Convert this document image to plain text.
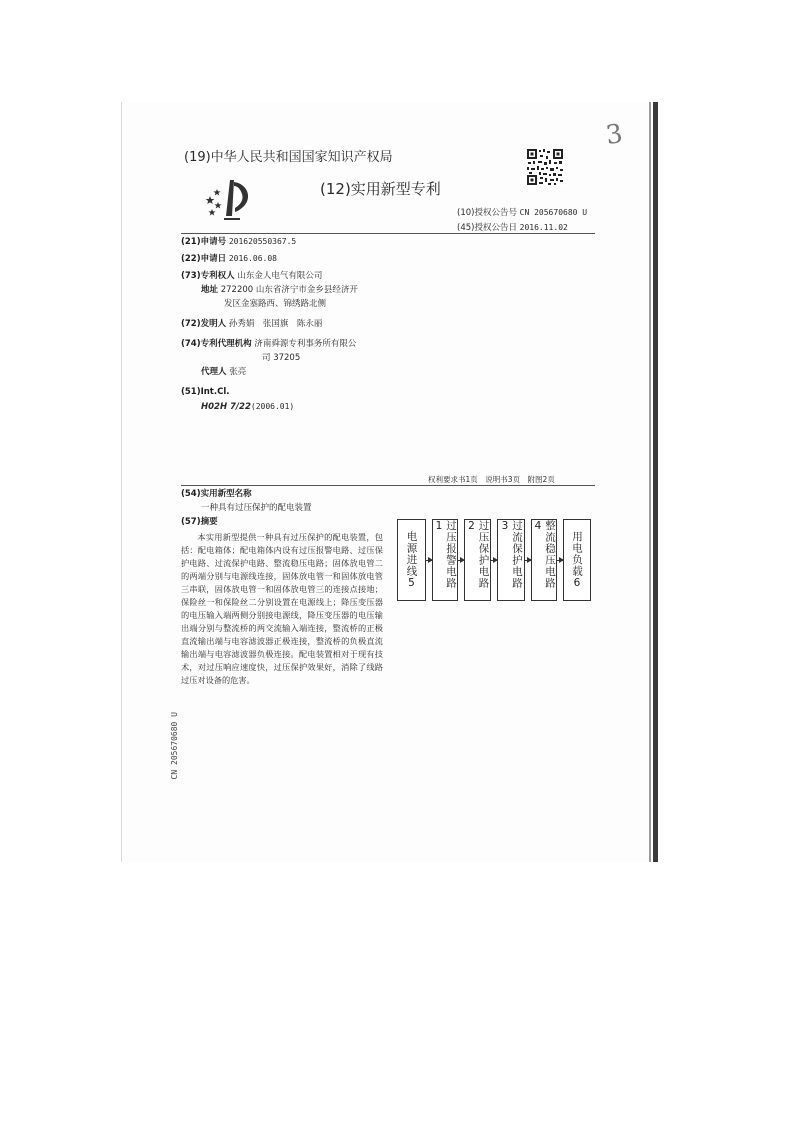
(19)中华人民共和国国家知识产权局
(12)实用新型专利
3
(10)授权公告号 CN 205670680 U
(45)授权公告日 2016.11.02
(21)申请号 201620550367.5
(22)申请日 2016.06.08
(73)专利权人 山东金人电气有限公司
地址 272200 山东省济宁市金乡县经济开
发区金塞路西、锦绣路北侧
(72)发明人 孙秀娟　张国旗　陈永丽
(74)专利代理机构 济南舜源专利事务所有限公
司 37205
代理人 张亮
(51)Int.Cl.
H02H 7/22(2006.01)
权利要求书1页　说明书3页　附图2页
(54)实用新型名称
一种具有过压保护的配电装置
(57)摘要
本实用新型提供一种具有过压保护的配电装置，包括：配电箱体；配电箱体内设有过压报警电路、过压保护电路、过流保护电路、整流稳压电路；固体放电管二的两端分别与电源线连接，固体放电管一和固体放电管三串联，固体放电管一和固体放电管三的连接点接地；保险丝一和保险丝二分别设置在电源线上；降压变压器的电压输入端两侧分别接电源线，降压变压器的电压输出端分别与整流桥的两交流输入端连接，整流桥的正极直流输出端与电容滤波器正极连接，整流桥的负极直流输出端与电容滤波器负极连接。配电装置相对于现有技术，对过压响应速度快，过压保护效果好，消除了线路过压对设备的危害。
电源进线5	过压报警电路1	过压保护电路2	过流保护电路3	整流稳压电路4
用电负载6
CN 205670680 U
